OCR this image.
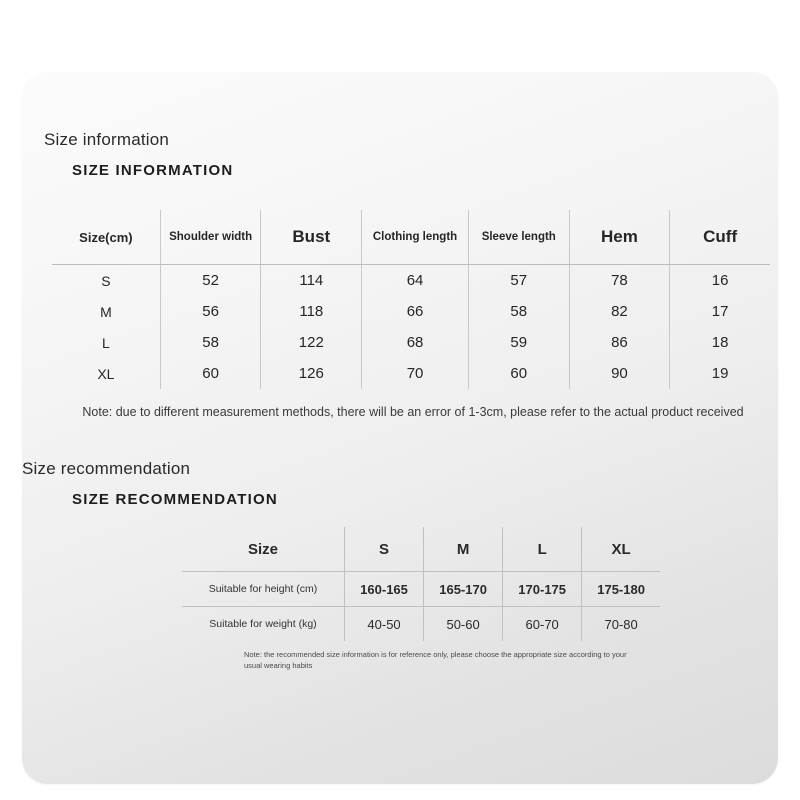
Size information
SIZE INFORMATION
Size(cm)	Shoulder width	Bust	Clothing length	Sleeve length	Hem	Cuff
S	52	114	64	57	78	16
M	56	118	66	58	82	17
L	58	122	68	59	86	18
XL	60	126	70	60	90	19
Note: due to different measurement methods, there will be an error of 1-3cm, please refer to the actual product received
Size recommendation
SIZE RECOMMENDATION
Size	S	M	L	XL
Suitable for height (cm)	160-165	165-170	170-175	175-180
Suitable for weight (kg)	40-50	50-60	60-70	70-80
Note: the recommended size information is for reference only, please choose the appropriate size according to your usual wearing habits
